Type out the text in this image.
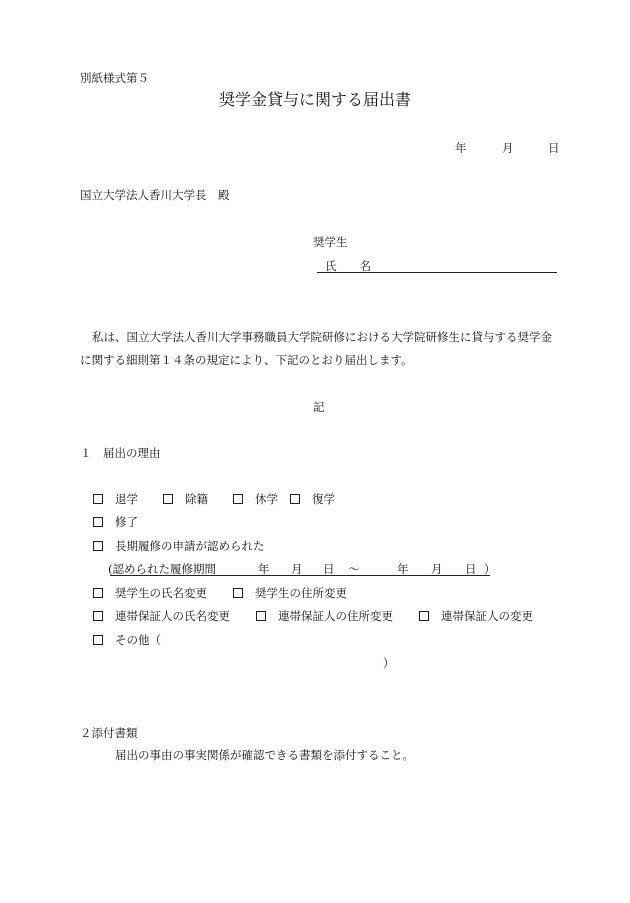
別紙様式第５
奨学金貸与に関する届出書
年	月	日
国立大学法人香川大学長　殿
奨学生
氏　　名
私は、国立大学法人香川大学事務職員大学院研修における大学院研修生に貸与する奨学金
に関する細則第１４条の規定により、下記のとおり届出します。
記
１　届出の理由
退学	除籍	休学	復学
修了
長期履修の申請が認められた
(認められた履修期間	年 月 日 ～	年 月 日 ）
奨学生の氏名変更	奨学生の住所変更
連帯保証人の氏名変更	連帯保証人の住所変更	連帯保証人の変更
その他（
）
２添付書類
届出の事由の事実関係が確認できる書類を添付すること。
